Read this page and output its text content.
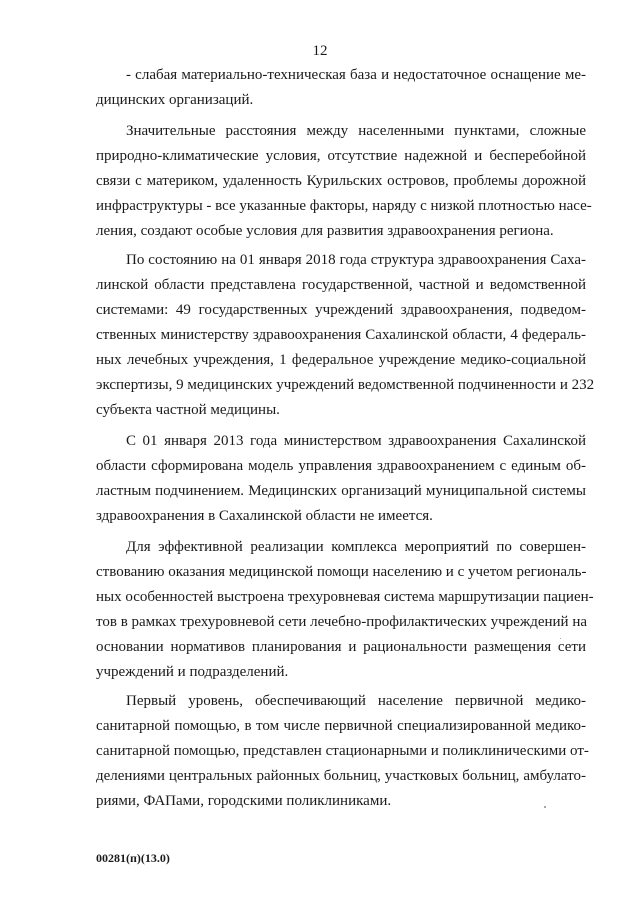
12
- слабая материально-техническая база и недостаточное оснащение ме-
дицинских организаций.
Значительные расстояния между населенными пунктами, сложные
природно-климатические условия, отсутствие надежной и бесперебойной
связи с материком, удаленность Курильских островов, проблемы дорожной
инфраструктуры - все указанные факторы, наряду с низкой плотностью насе-
ления, создают особые условия для развития здравоохранения региона.
По состоянию на 01 января 2018 года структура здравоохранения Саха-
линской области представлена государственной, частной и ведомственной
системами: 49 государственных учреждений здравоохранения, подведом-
ственных министерству здравоохранения Сахалинской области, 4 федераль-
ных лечебных учреждения, 1 федеральное учреждение медико-социальной
экспертизы, 9 медицинских учреждений ведомственной подчиненности и 232
субъекта частной медицины.
С 01 января 2013 года министерством здравоохранения Сахалинской
области сформирована модель управления здравоохранением с единым об-
ластным подчинением. Медицинских организаций муниципальной системы
здравоохранения в Сахалинской области не имеется.
Для эффективной реализации комплекса мероприятий по совершен-
ствованию оказания медицинской помощи населению и с учетом региональ-
ных особенностей выстроена трехуровневая система маршрутизации пациен-
тов в рамках трехуровневой сети лечебно-профилактических учреждений на
основании нормативов планирования и рациональности размещения сети
учреждений и подразделений.
Первый уровень, обеспечивающий население первичной медико-
санитарной помощью, в том числе первичной специализированной медико-
санитарной помощью, представлен стационарными и поликлиническими от-
делениями центральных районных больниц, участковых больниц, амбулато-
риями, ФАПами, городскими поликлиниками.
00281(п)(13.0)
